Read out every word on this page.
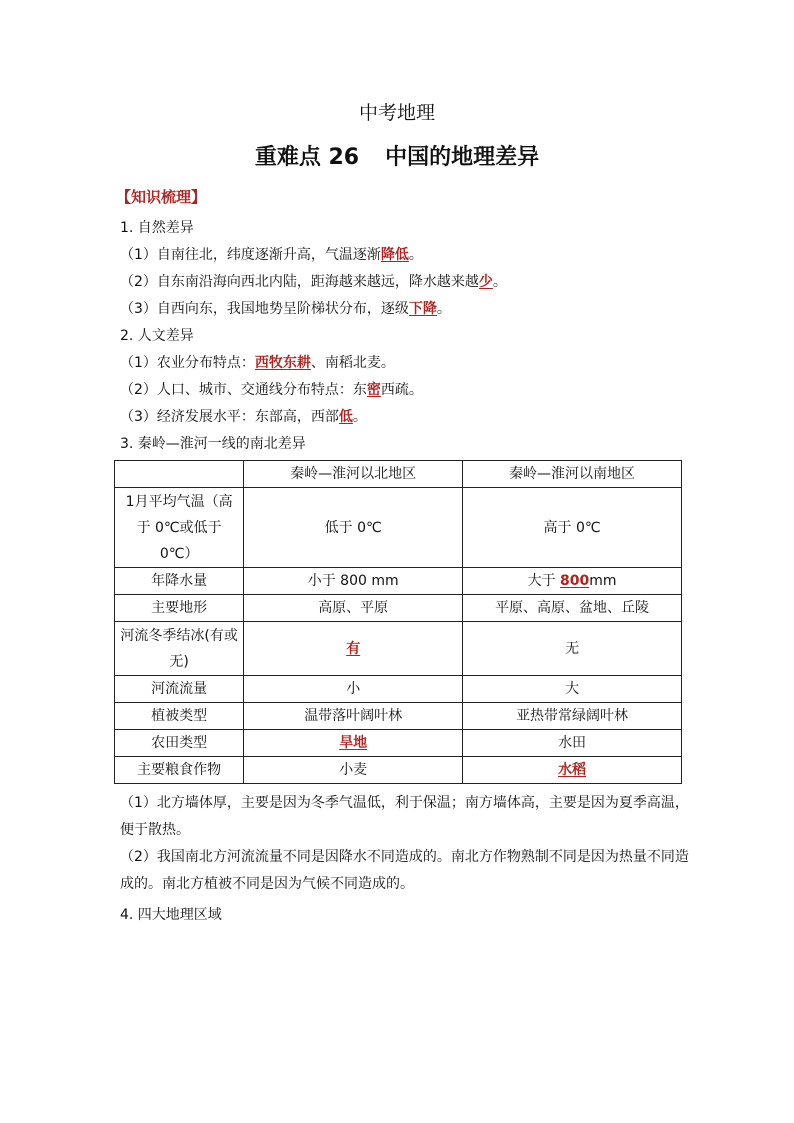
中考地理
重难点 26 中国的地理差异
【知识梳理】
1. 自然差异
（1）自南往北，纬度逐渐升高，气温逐渐降低。
（2）自东南沿海向西北内陆，距海越来越远，降水越来越少。
（3）自西向东，我国地势呈阶梯状分布，逐级下降。
2. 人文差异
（1）农业分布特点：西牧东耕、南稻北麦。
（2）人口、城市、交通线分布特点：东密西疏。
（3）经济发展水平：东部高，西部低。
3. 秦岭—淮河一线的南北差异
	秦岭—淮河以北地区	秦岭—淮河以南地区
1月平均气温（高于 0℃或低于 0℃）	低于 0℃	高于 0℃
年降水量	小于 800 mm	大于 800mm
主要地形	高原、平原	平原、高原、盆地、丘陵
河流冬季结冰(有或无)	有	无
河流流量	小	大
植被类型	温带落叶阔叶林	亚热带常绿阔叶林
农田类型	旱地	水田
主要粮食作物	小麦	水稻
（1）北方墙体厚，主要是因为冬季气温低，利于保温；南方墙体高，主要是因为夏季高温，便于散热。
（2）我国南北方河流流量不同是因降水不同造成的。南北方作物熟制不同是因为热量不同造成的。南北方植被不同是因为气候不同造成的。
4. 四大地理区域
